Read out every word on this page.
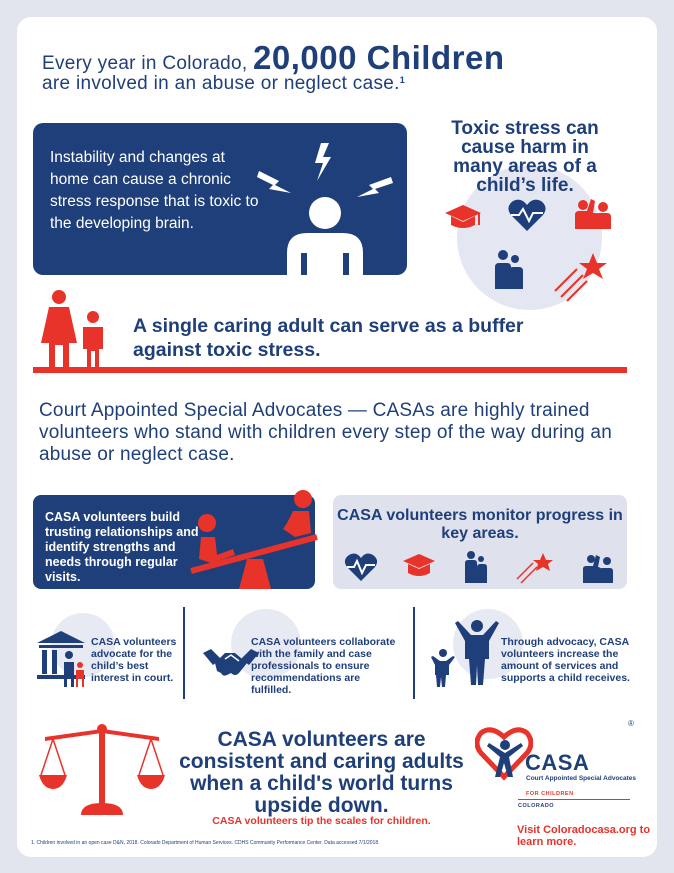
Every year in Colorado, 20,000 Children
are involved in an abuse or neglect case.$^1$
Instability and changes at home can cause a chronic stress response that is toxic to the developing brain.
Toxic stress can cause harm in many areas of a child’s life.
A single caring adult can serve as a buffer against toxic stress.
Court Appointed Special Advocates — CASAs are highly trained volunteers who stand with children every step of the way during an abuse or neglect case.
CASA volunteers build trusting relationships and identify strengths and needs through regular visits.
CASA volunteers monitor progress in key areas.
CASA volunteers advocate for the child’s best interest in court.
CASA volunteers collaborate with the family and case professionals to ensure recommendations are fulfilled.
Through advocacy, CASA volunteers increase the amount of services and supports a child receives.
CASA volunteers are consistent and caring adults when a child's world turns upside down.
CASA volunteers tip the scales for children.
®
CASA
Court Appointed Special Advocates
FOR CHILDREN
COLORADO
Visit Coloradocasa.org to learn more.
1. Children involved in an open case D&N, 2018. Colorado Department of Human Services. CDHS Community Performance Center. Data accessed 7/1/2018.
